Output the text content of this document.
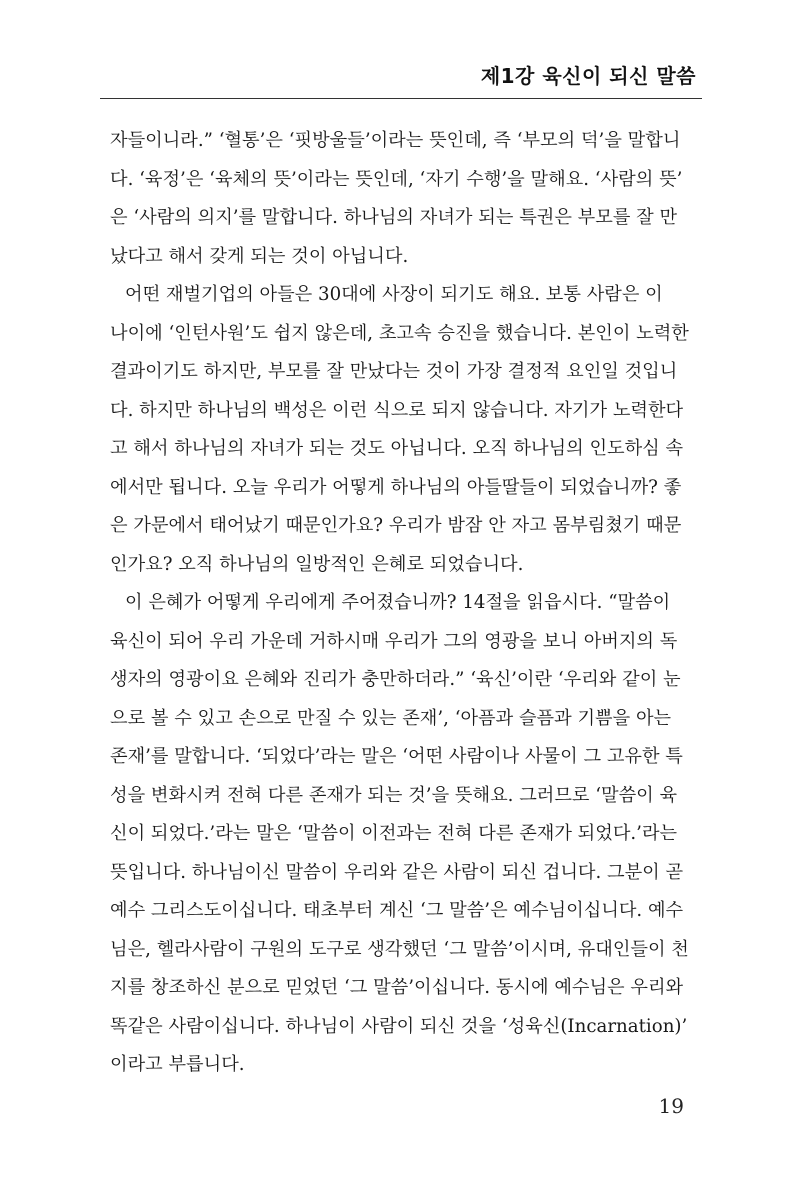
제1강 육신이 되신 말씀
자들이니라.” ‘혈통’은 ‘핏방울들’이라는 뜻인데, 즉 ‘부모의 덕’을 말합니
다. ‘육정’은 ‘육체의 뜻’이라는 뜻인데, ‘자기 수행’을 말해요. ‘사람의 뜻’
은 ‘사람의 의지’를 말합니다. 하나님의 자녀가 되는 특권은 부모를 잘 만
났다고 해서 갖게 되는 것이 아닙니다.
어떤 재벌기업의 아들은 30대에 사장이 되기도 해요. 보통 사람은 이
나이에 ‘인턴사원’도 쉽지 않은데, 초고속 승진을 했습니다. 본인이 노력한
결과이기도 하지만, 부모를 잘 만났다는 것이 가장 결정적 요인일 것입니
다. 하지만 하나님의 백성은 이런 식으로 되지 않습니다. 자기가 노력한다
고 해서 하나님의 자녀가 되는 것도 아닙니다. 오직 하나님의 인도하심 속
에서만 됩니다. 오늘 우리가 어떻게 하나님의 아들딸들이 되었습니까? 좋
은 가문에서 태어났기 때문인가요? 우리가 밤잠 안 자고 몸부림쳤기 때문
인가요? 오직 하나님의 일방적인 은혜로 되었습니다.
이 은혜가 어떻게 우리에게 주어졌습니까? 14절을 읽읍시다. “말씀이
육신이 되어 우리 가운데 거하시매 우리가 그의 영광을 보니 아버지의 독
생자의 영광이요 은혜와 진리가 충만하더라.” ‘육신’이란 ‘우리와 같이 눈
으로 볼 수 있고 손으로 만질 수 있는 존재’, ‘아픔과 슬픔과 기쁨을 아는
존재’를 말합니다. ‘되었다’라는 말은 ‘어떤 사람이나 사물이 그 고유한 특
성을 변화시켜 전혀 다른 존재가 되는 것’을 뜻해요. 그러므로 ‘말씀이 육
신이 되었다.’라는 말은 ‘말씀이 이전과는 전혀 다른 존재가 되었다.’라는
뜻입니다. 하나님이신 말씀이 우리와 같은 사람이 되신 겁니다. 그분이 곧
예수 그리스도이십니다. 태초부터 계신 ‘그 말씀’은 예수님이십니다. 예수
님은, 헬라사람이 구원의 도구로 생각했던 ‘그 말씀’이시며, 유대인들이 천
지를 창조하신 분으로 믿었던 ‘그 말씀’이십니다. 동시에 예수님은 우리와
똑같은 사람이십니다. 하나님이 사람이 되신 것을 ‘성육신(Incarnation)’
이라고 부릅니다.
19
